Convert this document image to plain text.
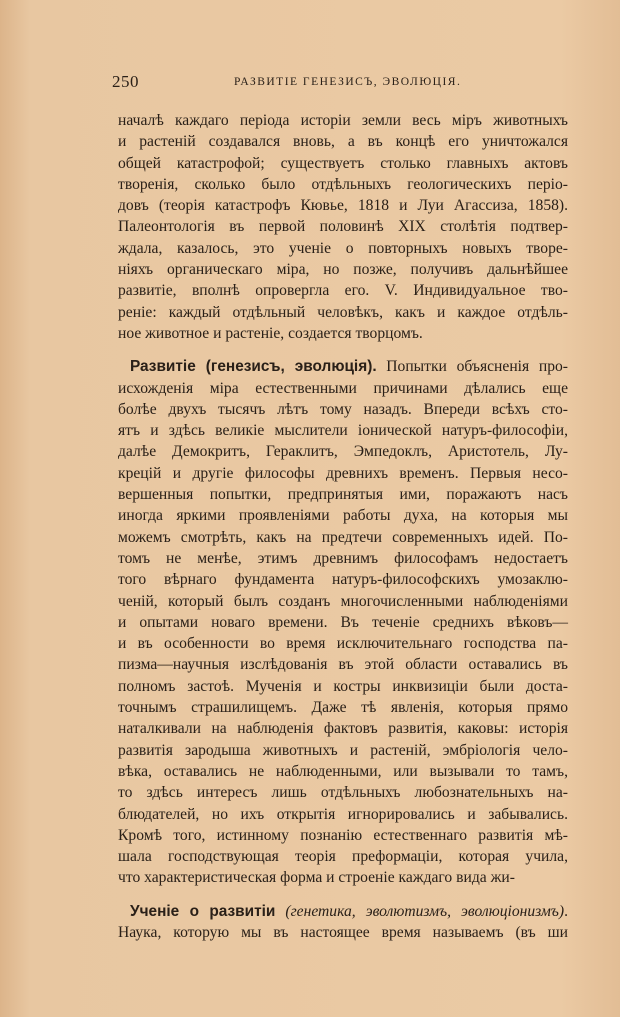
250	РАЗВИТІЕ ГЕНЕЗИСЪ, ЭВОЛЮЦІЯ.
началѣ каждаго періода исторіи земли весь міръ животныхъ
и растеній создавался вновь, а въ концѣ его уничтожался
общей катастрофой; существуетъ столько главныхъ актовъ
творенія, сколько было отдѣльныхъ геологическихъ періо-
довъ (теорія катастрофъ Кювье, 1818 и Луи Агассиза, 1858).
Палеонтологія въ первой половинѣ XIX столѣтія подтвер-
ждала, казалось, это ученіе о повторныхъ новыхъ творе-
ніяхъ органическаго міра, но позже, получивъ дальнѣйшее
развитіе, вполнѣ опровергла его. V. Индивидуальное тво-
реніе: каждый отдѣльный человѣкъ, какъ и каждое отдѣль-
ное животное и растеніе, создается творцомъ.
Развитіе (генезисъ, эволюція). Попытки объясненія про-
исхожденія міра естественными причинами дѣлались еще
болѣе двухъ тысячъ лѣтъ тому назадъ. Впереди всѣхъ сто-
ятъ и здѣсь великіе мыслители іонической натуръ-философіи,
далѣе Демокритъ, Гераклитъ, Эмпедоклъ, Аристотель, Лу-
крецій и другіе философы древнихъ временъ. Первыя несо-
вершенныя попытки, предпринятыя ими, поражаютъ насъ
иногда яркими проявленіями работы духа, на которыя мы
можемъ смотрѣть, какъ на предтечи современныхъ идей. По-
томъ не менѣе, этимъ древнимъ философамъ недостаетъ
того вѣрнаго фундамента натуръ-философскихъ умозаклю-
ченій, который былъ созданъ многочисленными наблюденіями
и опытами новаго времени. Въ теченіе среднихъ вѣковъ—
и въ особенности во время исключительнаго господства па-
пизма—научныя изслѣдованія въ этой области оставались въ
полномъ застоѣ. Мученія и костры инквизиціи были доста-
точнымъ страшилищемъ. Даже тѣ явленія, которыя прямо
наталкивали на наблюденія фактовъ развитія, каковы: исторія
развитія зародыша животныхъ и растеній, эмбріологія чело-
вѣка, оставались не наблюденными, или вызывали то тамъ,
то здѣсь интересъ лишь отдѣльныхъ любознательныхъ на-
блюдателей, но ихъ открытія игнорировались и забывались.
Кромѣ того, истинному познанію естественнаго развитія мѣ-
шала господствующая теорія преформаціи, которая учила,
что характеристическая форма и строеніе каждаго вида жи-
Ученіе о развитіи (генетика, эволютизмъ, эволюціонизмъ).
Наука, которую мы въ настоящее время называемъ (въ ши
